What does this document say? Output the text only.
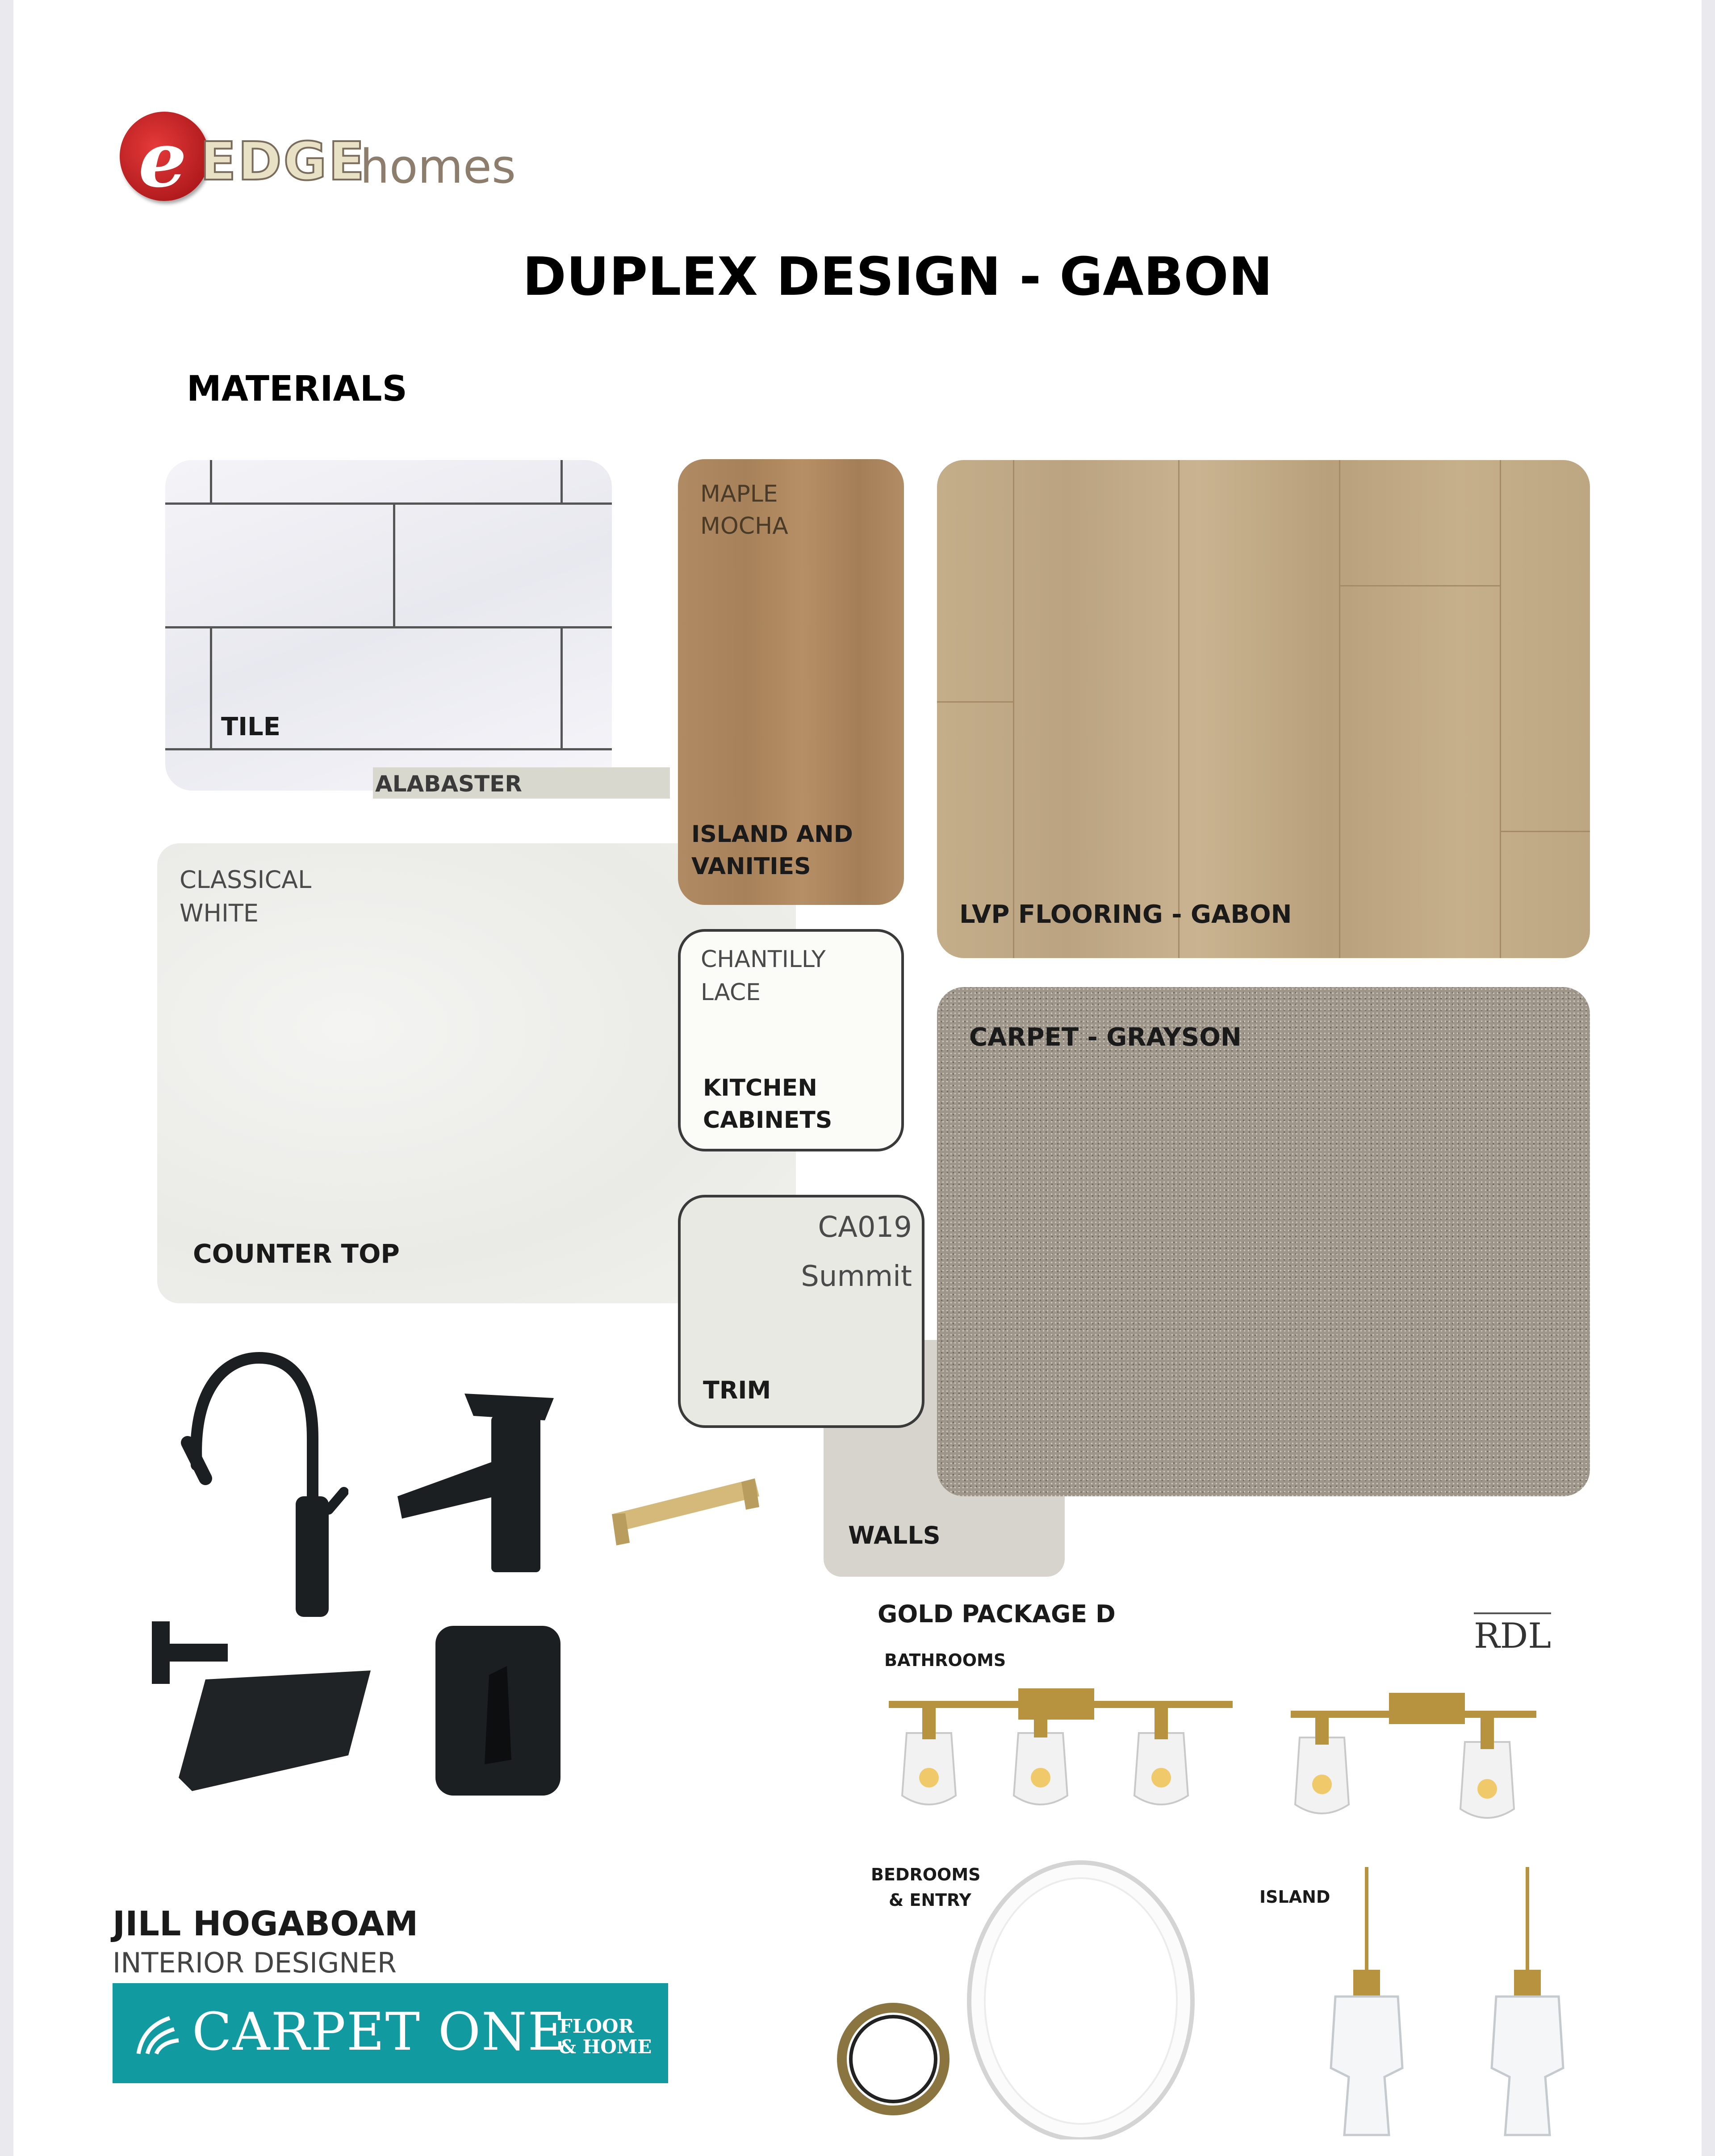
e EDGE
homes
DUPLEX DESIGN - GABON
MATERIALS
TILE
ALABASTER
CLASSICAL
WHITE
COUNTER TOP
MAPLE
MOCHA
ISLAND AND
VANITIES
CHANTILLY
LACE
KITCHEN
CABINETS
WALLS
CA019
Summit
TRIM
LVP FLOORING - GABON
CARPET - GRAYSON
GOLD PACKAGE D
RDL
BATHROOMS
BEDROOMS
& ENTRY	ISLAND
JILL HOGABOAM
INTERIOR DESIGNER
CARPET ONE
FLOOR
& HOME
